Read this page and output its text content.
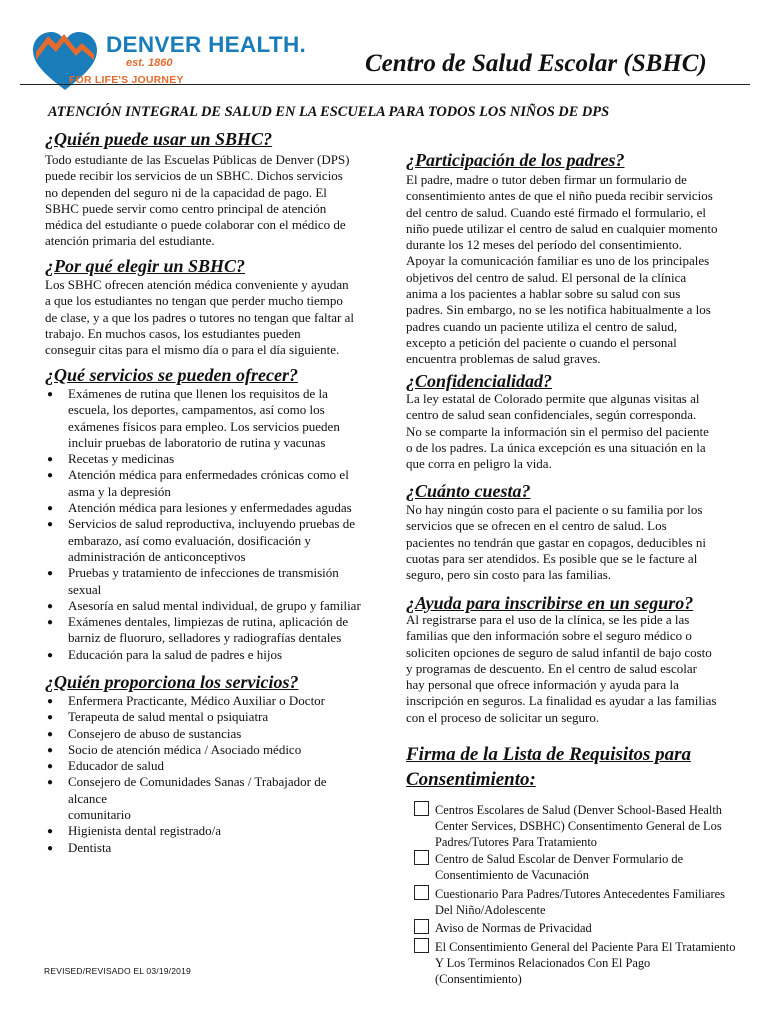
DENVER HEALTH.
est. 1860
FOR LIFE'S JOURNEY
Centro de Salud Escolar (SBHC)
ATENCIÓN INTEGRAL DE SALUD EN LA ESCUELA PARA TODOS LOS NIÑOS DE DPS
¿Quién puede usar un SBHC?
Todo estudiante de las Escuelas Públicas de Denver (DPS)
puede recibir los servicios de un SBHC. Dichos servicios
no dependen del seguro ni de la capacidad de pago. El
SBHC puede servir como centro principal de atención
médica del estudiante o puede colaborar con el médico de
atención primaria del estudiante.
¿Por qué elegir un SBHC?
Los SBHC ofrecen atención médica conveniente y ayudan
a que los estudiantes no tengan que perder mucho tiempo
de clase, y a que los padres o tutores no tengan que faltar al
trabajo. En muchos casos, los estudiantes pueden
conseguir citas para el mismo día o para el día siguiente.
¿Qué servicios se pueden ofrecer?
● Exámenes de rutina que llenen los requisitos de la
escuela, los deportes, campamentos, así como los
exámenes físicos para empleo. Los servicios pueden
incluir pruebas de laboratorio de rutina y vacunas
● Recetas y medicinas
● Atención médica para enfermedades crónicas como el
asma y la depresión
● Atención médica para lesiones y enfermedades agudas
● Servicios de salud reproductiva, incluyendo pruebas de
embarazo, así como evaluación, dosificación y
administración de anticonceptivos
● Pruebas y tratamiento de infecciones de transmisión
sexual
● Asesoría en salud mental individual, de grupo y familiar
● Exámenes dentales, limpiezas de rutina, aplicación de
barniz de fluoruro, selladores y radiografías dentales
● Educación para la salud de padres e hijos
¿Quién proporciona los servicios?
● Enfermera Practicante, Médico Auxiliar o Doctor
● Terapeuta de salud mental o psiquiatra
● Consejero de abuso de sustancias
● Socio de atención médica / Asociado médico
● Educador de salud
● Consejero de Comunidades Sanas / Trabajador de alcance
comunitario
● Higienista dental registrado/a
● Dentista
REVISED/REVISADO EL 03/19/2019
¿Participación de los padres?
El padre, madre o tutor deben firmar un formulario de
consentimiento antes de que el niño pueda recibir servicios
del centro de salud. Cuando esté firmado el formulario, el
niño puede utilizar el centro de salud en cualquier momento
durante los 12 meses del período del consentimiento.
Apoyar la comunicación familiar es uno de los principales
objetivos del centro de salud. El personal de la clínica
anima a los pacientes a hablar sobre su salud con sus
padres. Sin embargo, no se les notifica habitualmente a los
padres cuando un paciente utiliza el centro de salud,
excepto a petición del paciente o cuando el personal
encuentra problemas de salud graves.
¿Confidencialidad?
La ley estatal de Colorado permite que algunas visitas al
centro de salud sean confidenciales, según corresponda.
No se comparte la información sin el permiso del paciente
o de los padres. La única excepción es una situación en la
que corra en peligro la vida.
¿Cuánto cuesta?
No hay ningún costo para el paciente o su familia por los
servicios que se ofrecen en el centro de salud. Los
pacientes no tendrán que gastar en copagos, deducibles ni
cuotas para ser atendidos. Es posible que se le facture al
seguro, pero sin costo para las familias.
¿Ayuda para inscribirse en un seguro?
Al registrarse para el uso de la clínica, se les pide a las
familias que den información sobre el seguro médico o
soliciten opciones de seguro de salud infantil de bajo costo
y programas de descuento. En el centro de salud escolar
hay personal que ofrece información y ayuda para la
inscripción en seguros. La finalidad es ayudar a las familias
con el proceso de solicitar un seguro.
Firma de la Lista de Requisitos para
Consentimiento:
Centros Escolares de Salud (Denver School-Based Health
Center Services, DSBHC) Consentimento General de Los
Padres/Tutores Para Tratamiento
Centro de Salud Escolar de Denver Formulario de
Consentimiento de Vacunación
Cuestionario Para Padres/Tutores Antecedentes Familiares
Del Niño/Adolescente
Aviso de Normas de Privacidad
El Consentimiento General del Paciente Para El Tratamiento
Y Los Terminos Relacionados Con El Pago
(Consentimiento)
